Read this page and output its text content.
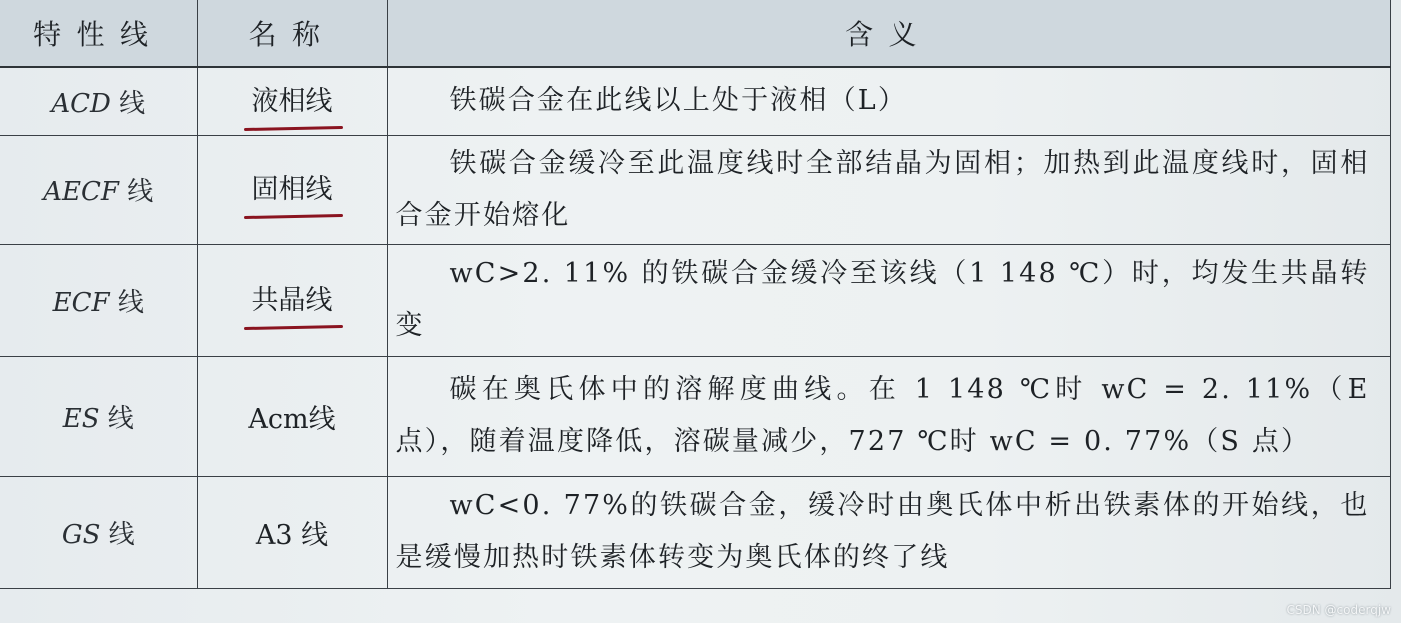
特性线	名称	含义
ACD 线	液相线	铁碳合金在此线以上处于液相（L）

AECF 线	固相线	铁碳合金缓冷至此温度线时全部结晶为固相；加热到此温度线时，固相合金开始熔化

ECF 线	共晶线	wC>2. 11% 的铁碳合金缓冷至该线（1 148 ℃）时，均发生共晶转变

ES 线	Acm线	碳在奥氏体中的溶解度曲线。在 1 148 ℃时 wC = 2. 11%（E 点），随着温度降低，溶碳量减少，727 ℃时 wC = 0. 77%（S 点）

GS 线	A3 线	wC<0. 77%的铁碳合金，缓冷时由奥氏体中析出铁素体的开始线，也是缓慢加热时铁素体转变为奥氏体的终了线
CSDN @coderqjw
